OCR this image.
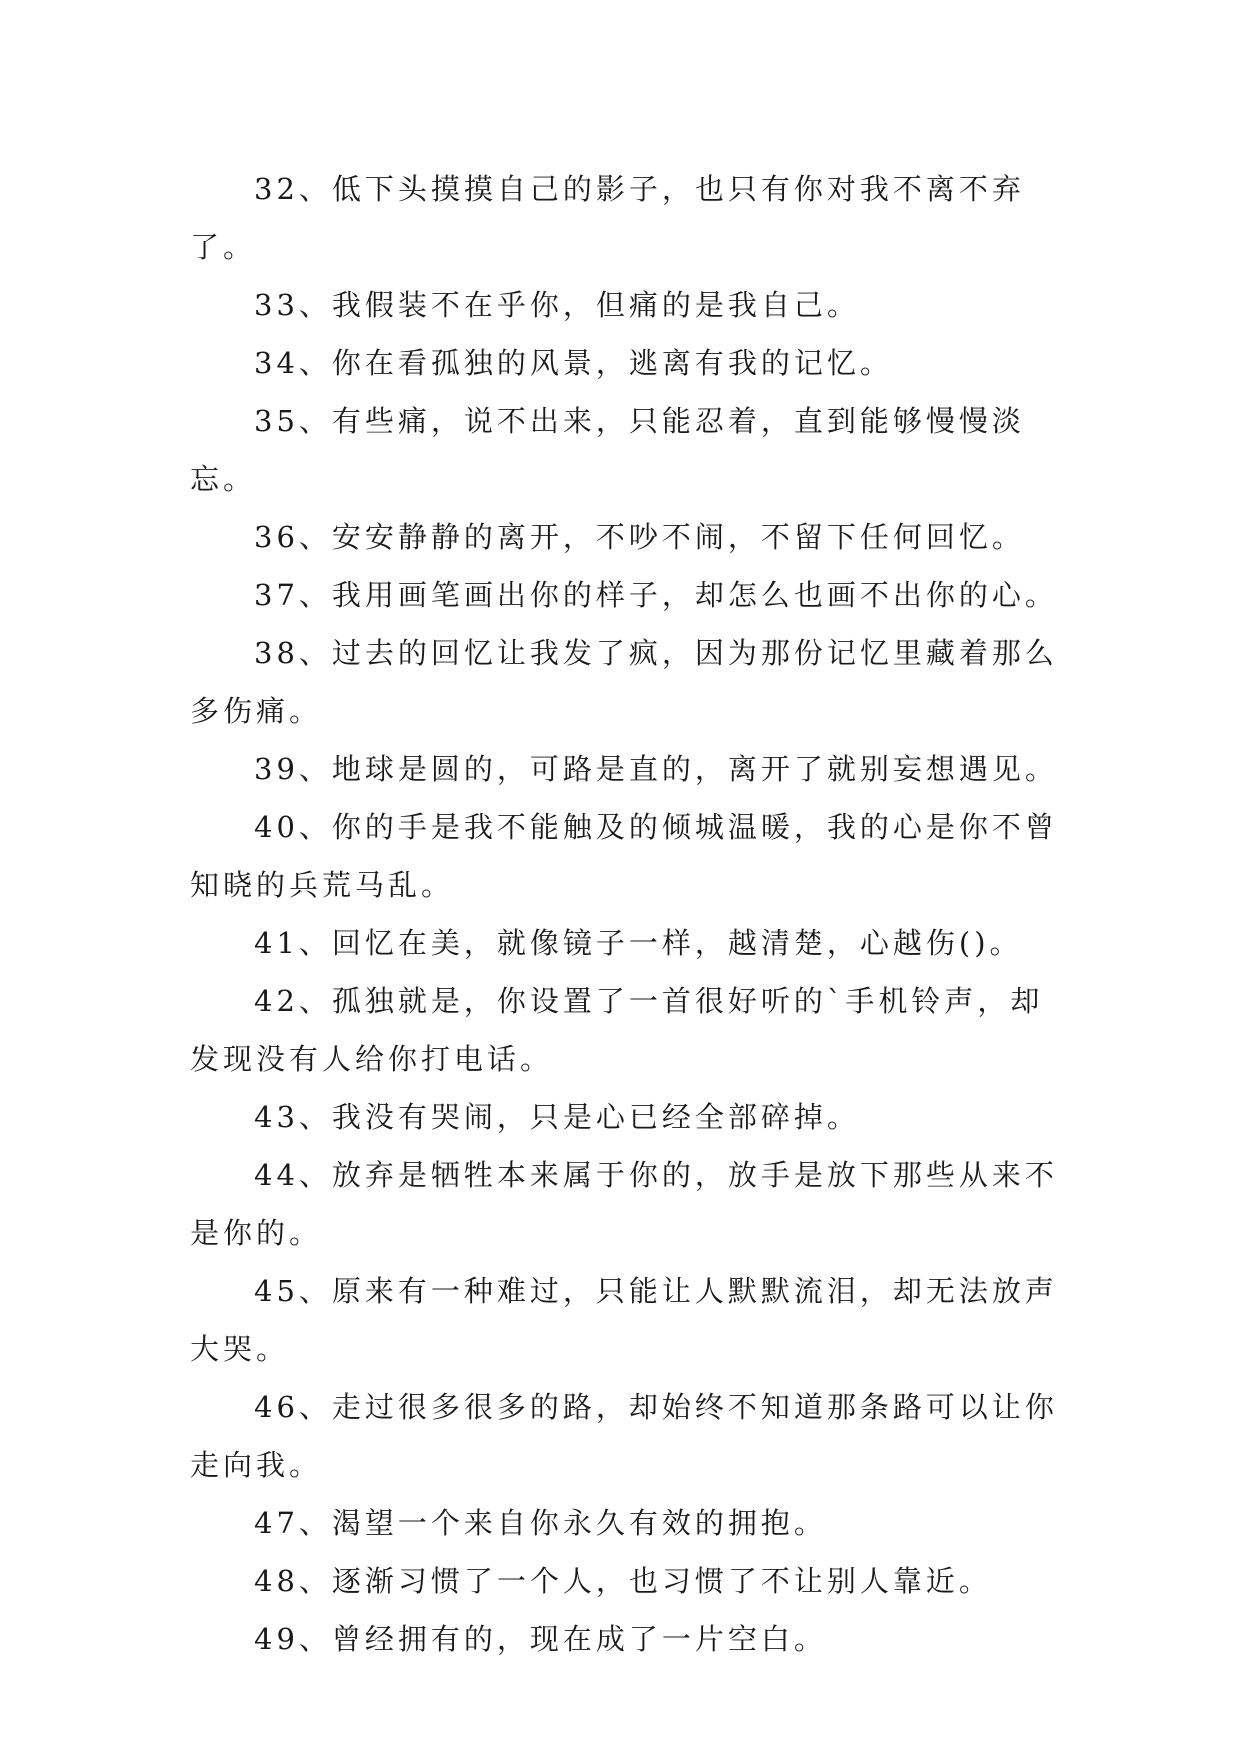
32、低下头摸摸自己的影子，也只有你对我不离不弃了。

33、我假装不在乎你，但痛的是我自己。

34、你在看孤独的风景，逃离有我的记忆。

35、有些痛，说不出来，只能忍着，直到能够慢慢淡忘。

36、安安静静的离开，不吵不闹，不留下任何回忆。

37、我用画笔画出你的样子，却怎么也画不出你的心。

38、过去的回忆让我发了疯，因为那份记忆里藏着那么多伤痛。

39、地球是圆的，可路是直的，离开了就别妄想遇见。

40、你的手是我不能触及的倾城温暖，我的心是你不曾知晓的兵荒马乱。

41、回忆在美，就像镜子一样，越清楚，心越伤()。

42、孤独就是，你设置了一首很好听的`手机铃声，却发现没有人给你打电话。

43、我没有哭闹，只是心已经全部碎掉。

44、放弃是牺牲本来属于你的，放手是放下那些从来不是你的。

45、原来有一种难过，只能让人默默流泪，却无法放声大哭。

46、走过很多很多的路，却始终不知道那条路可以让你走向我。

47、渴望一个来自你永久有效的拥抱。

48、逐渐习惯了一个人，也习惯了不让别人靠近。

49、曾经拥有的，现在成了一片空白。
